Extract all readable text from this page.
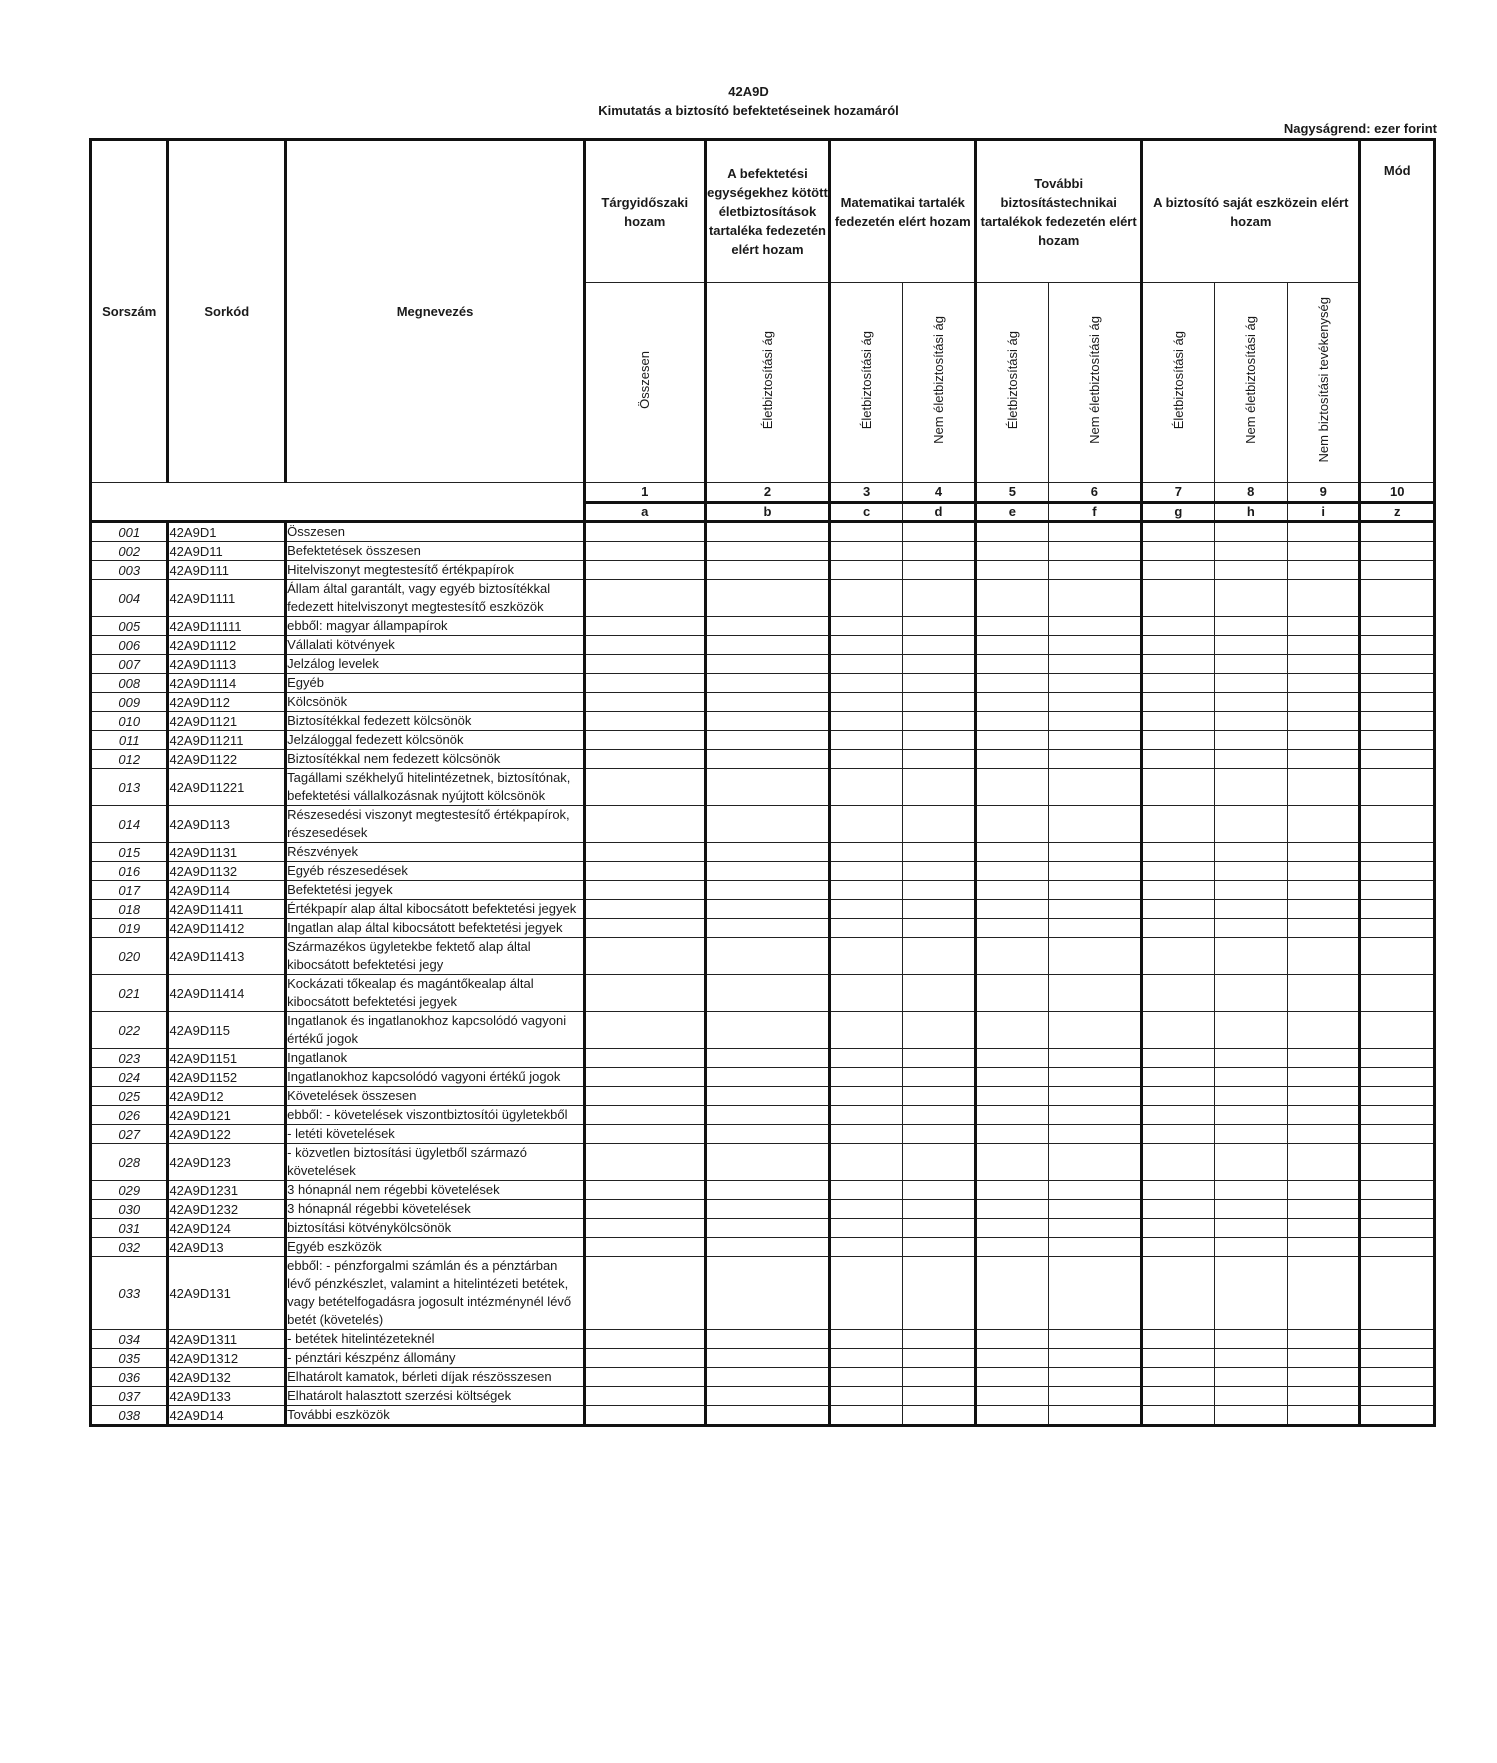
42A9D
Kimutatás a biztosító befektetéseinek hozamáról
Nagyságrend: ezer forint
Sorszám	Sorkód	Megnevezés	Tárgyidőszaki hozam	A befektetési egységekhez kötött életbiztosítások tartaléka fedezetén elért hozam	Matematikai tartalék fedezetén elért hozam		További biztosítástechnikai tartalékok fedezetén elért hozam		A biztosító saját eszközein elért hozam			Mód
			Összesen	Életbiztosítási ág	Életbiztosítási ág	Nem életbiztosítási ág	Életbiztosítási ág	Nem életbiztosítási ág	Életbiztosítási ág	Nem életbiztosítási ág	Nem biztosítási tevékenység	
			1	2	3	4	5	6	7	8	9	10
			a	b	c	d	e	f	g	h	i	z
001	42A9D1	Összesen										
002	42A9D11	Befektetések összesen										
003	42A9D111	Hitelviszonyt megtestesítő értékpapírok										
004	42A9D1111	Állam által garantált, vagy egyéb biztosítékkal fedezett hitelviszonyt megtestesítő eszközök										
005	42A9D11111	ebből: magyar állampapírok										
006	42A9D1112	Vállalati kötvények										
007	42A9D1113	Jelzálog levelek										
008	42A9D1114	Egyéb										
009	42A9D112	Kölcsönök										
010	42A9D1121	Biztosítékkal fedezett kölcsönök										
011	42A9D11211	Jelzáloggal fedezett kölcsönök										
012	42A9D1122	Biztosítékkal nem fedezett kölcsönök										
013	42A9D11221	Tagállami székhelyű hitelintézetnek, biztosítónak, befektetési vállalkozásnak nyújtott kölcsönök										
014	42A9D113	Részesedési viszonyt megtestesítő értékpapírok, részesedések										
015	42A9D1131	Részvények										
016	42A9D1132	Egyéb részesedések										
017	42A9D114	Befektetési jegyek										
018	42A9D11411	Értékpapír alap által kibocsátott befektetési jegyek										
019	42A9D11412	Ingatlan alap által kibocsátott befektetési jegyek										
020	42A9D11413	Származékos ügyletekbe fektető alap által kibocsátott befektetési jegy										
021	42A9D11414	Kockázati tőkealap és magántőkealap által kibocsátott befektetési jegyek										
022	42A9D115	Ingatlanok és ingatlanokhoz kapcsolódó vagyoni értékű jogok										
023	42A9D1151	Ingatlanok										
024	42A9D1152	Ingatlanokhoz kapcsolódó vagyoni értékű jogok										
025	42A9D12	Követelések összesen										
026	42A9D121	ebből: - követelések viszontbiztosítói ügyletekből										
027	42A9D122	- letéti követelések										
028	42A9D123	- közvetlen biztosítási ügyletből származó követelések										
029	42A9D1231	3 hónapnál nem régebbi követelések										
030	42A9D1232	3 hónapnál régebbi követelések										
031	42A9D124	biztosítási kötvénykölcsönök										
032	42A9D13	Egyéb eszközök										
033	42A9D131	ebből: - pénzforgalmi számlán és a pénztárban lévő pénzkészlet, valamint a hitelintézeti betétek, vagy betételfogadásra jogosult intézménynél lévő betét (követelés)										
034	42A9D1311	- betétek hitelintézeteknél										
035	42A9D1312	- pénztári készpénz állomány										
036	42A9D132	Elhatárolt kamatok, bérleti díjak részösszesen										
037	42A9D133	Elhatárolt halasztott szerzési költségek										
038	42A9D14	További eszközök										
